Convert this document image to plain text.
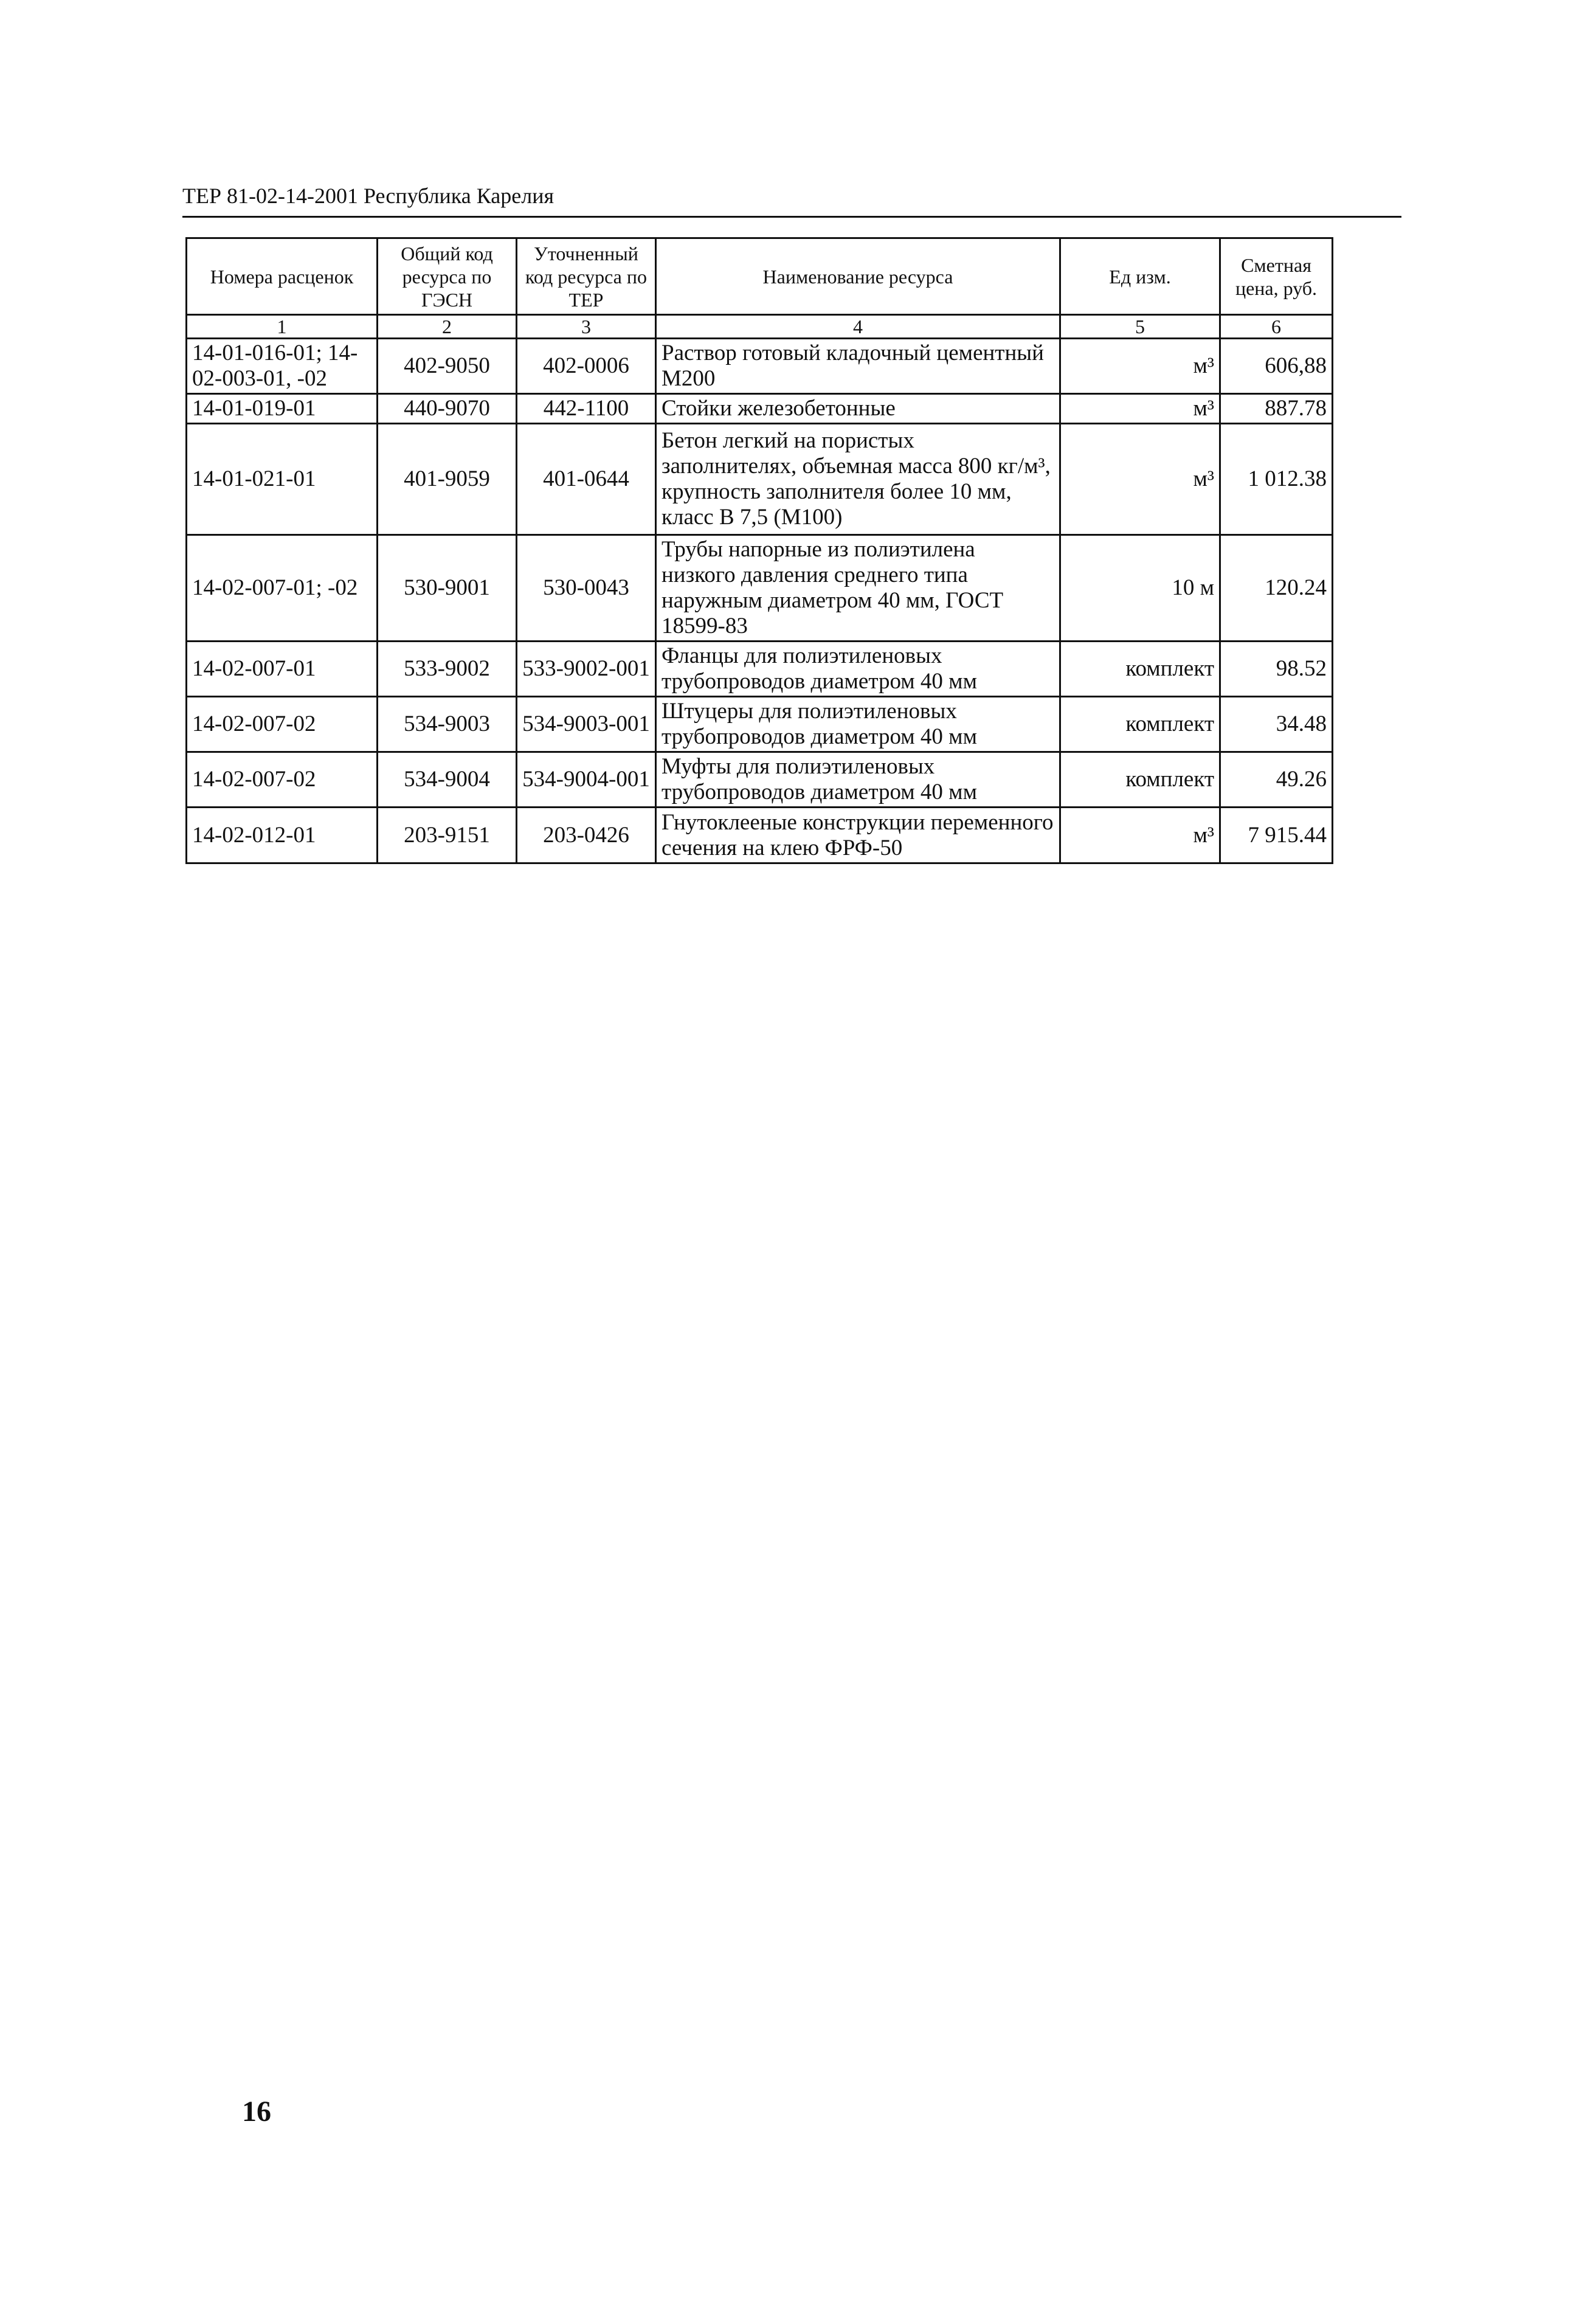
ТЕР 81-02-14-2001 Республика Карелия
Номера расценок	Общий код ресурса по ГЭСН	Уточненный код ресурса по ТЕР	Наименование ресурса	Ед изм.	Сметная цена, руб.
1	2	3	4	5	6
14-01-016-01; 14-02-003-01, -02	402-9050	402-0006	Раствор готовый кладочный цементный М200	м³	606,88
14-01-019-01	440-9070	442-1100	Стойки железобетонные	м³	887.78
14-01-021-01	401-9059	401-0644	Бетон легкий на пористых заполнителях, объемная масса 800 кг/м³, крупность заполнителя более 10 мм, класс В 7,5 (М100)	м³	1 012.38
14-02-007-01; -02	530-9001	530-0043	Трубы напорные из полиэтилена низкого давления среднего типа наружным диаметром 40 мм, ГОСТ 18599-83	10 м	120.24
14-02-007-01	533-9002	533-9002-001	Фланцы для полиэтиленовых трубопроводов диаметром 40 мм	комплект	98.52
14-02-007-02	534-9003	534-9003-001	Штуцеры для полиэтиленовых трубопроводов диаметром 40 мм	комплект	34.48
14-02-007-02	534-9004	534-9004-001	Муфты для полиэтиленовых трубопроводов диаметром 40 мм	комплект	49.26
14-02-012-01	203-9151	203-0426	Гнутоклееные конструкции переменного сечения на клею ФРФ-50	м³	7 915.44
16
